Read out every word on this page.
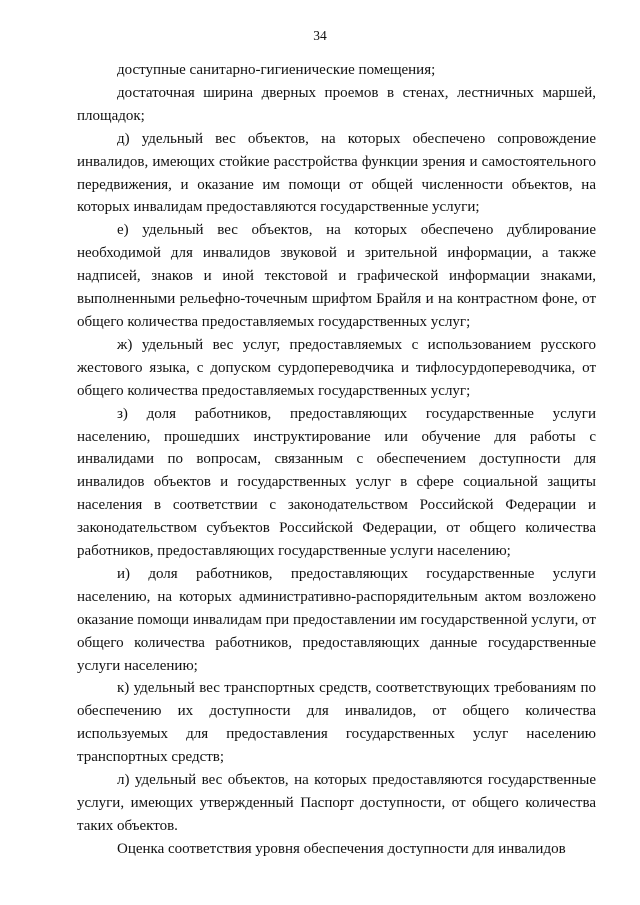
34

доступные санитарно-гигиенические помещения;

достаточная ширина дверных проемов в стенах, лестничных маршей, площадок;

д) удельный вес объектов, на которых обеспечено сопровождение инвалидов, имеющих стойкие расстройства функции зрения и самостоятельного передвижения, и оказание им помощи от общей численности объектов, на которых инвалидам предоставляются государственные услуги;

е) удельный вес объектов, на которых обеспечено дублирование необходимой для инвалидов звуковой и зрительной информации, а также надписей, знаков и иной текстовой и графической информации знаками, выполненными рельефно-точечным шрифтом Брайля и на контрастном фоне, от общего количества предоставляемых государственных услуг;

ж) удельный вес услуг, предоставляемых с использованием русского жестового языка, с допуском сурдопереводчика и тифлосурдопереводчика, от общего количества предоставляемых государственных услуг;

з) доля работников, предоставляющих государственные услуги населению, прошедших инструктирование или обучение для работы с инвалидами по вопросам, связанным с обеспечением доступности для инвалидов объектов и государственных услуг в сфере социальной защиты населения в соответствии с законодательством Российской Федерации и законодательством субъектов Российской Федерации, от общего количества работников, предоставляющих государственные услуги населению;

и) доля работников, предоставляющих государственные услуги населению, на которых административно-распорядительным актом возложено оказание помощи инвалидам при предоставлении им государственной услуги, от общего количества работников, предоставляющих данные государственные услуги населению;

к) удельный вес транспортных средств, соответствующих требованиям по обеспечению их доступности для инвалидов, от общего количества используемых для предоставления государственных услуг населению транспортных средств;

л) удельный вес объектов, на которых предоставляются государственные услуги, имеющих утвержденный Паспорт доступности, от общего количества таких объектов.

Оценка соответствия уровня обеспечения доступности для инвалидов
